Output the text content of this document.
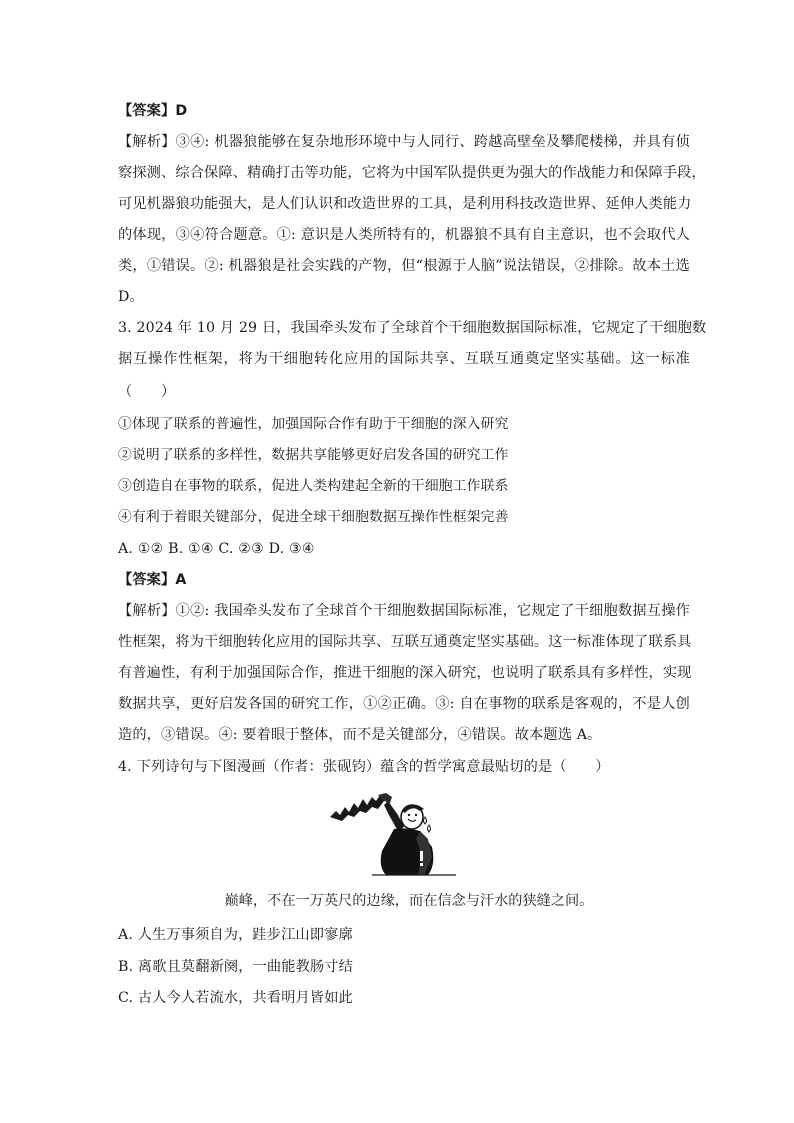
【答案】D
【解析】③④: 机器狼能够在复杂地形环境中与人同行、跨越高壁垒及攀爬楼梯，并具有侦
察探测、综合保障、精确打击等功能，它将为中国军队提供更为强大的作战能力和保障手段，
可见机器狼功能强大，是人们认识和改造世界的工具，是利用科技改造世界、延伸人类能力
的体现，③④符合题意。①: 意识是人类所特有的，机器狼不具有自主意识，也不会取代人
类，①错误。②: 机器狼是社会实践的产物，但“根源于人脑”说法错误，②排除。故本土选
D。
3. 2024 年 10 月 29 日，我国牵头发布了全球首个干细胞数据国际标准，它规定了干细胞数
据互操作性框架，将为干细胞转化应用的国际共享、互联互通奠定坚实基础。这一标准
（　　）
①体现了联系的普遍性，加强国际合作有助于干细胞的深入研究
②说明了联系的多样性，数据共享能够更好启发各国的研究工作
③创造自在事物的联系，促进人类构建起全新的干细胞工作联系
④有利于着眼关键部分，促进全球干细胞数据互操作性框架完善
A. ①② B. ①④ C. ②③ D. ③④
【答案】A
【解析】①②: 我国牵头发布了全球首个干细胞数据国际标准，它规定了干细胞数据互操作
性框架，将为干细胞转化应用的国际共享、互联互通奠定坚实基础。这一标准体现了联系具
有普遍性，有利于加强国际合作，推进干细胞的深入研究，也说明了联系具有多样性，实现
数据共享，更好启发各国的研究工作，①②正确。③: 自在事物的联系是客观的，不是人创
造的，③错误。④: 要着眼于整体，而不是关键部分，④错误。故本题选 A。
4. 下列诗句与下图漫画（作者：张砚钧）蕴含的哲学寓意最贴切的是（　　）
巅峰，不在一万英尺的边缘，而在信念与汗水的狭缝之间。
A. 人生万事须自为，跬步江山即寥廓
B. 离歌且莫翻新阕，一曲能教肠寸结
C. 古人今人若流水，共看明月皆如此
